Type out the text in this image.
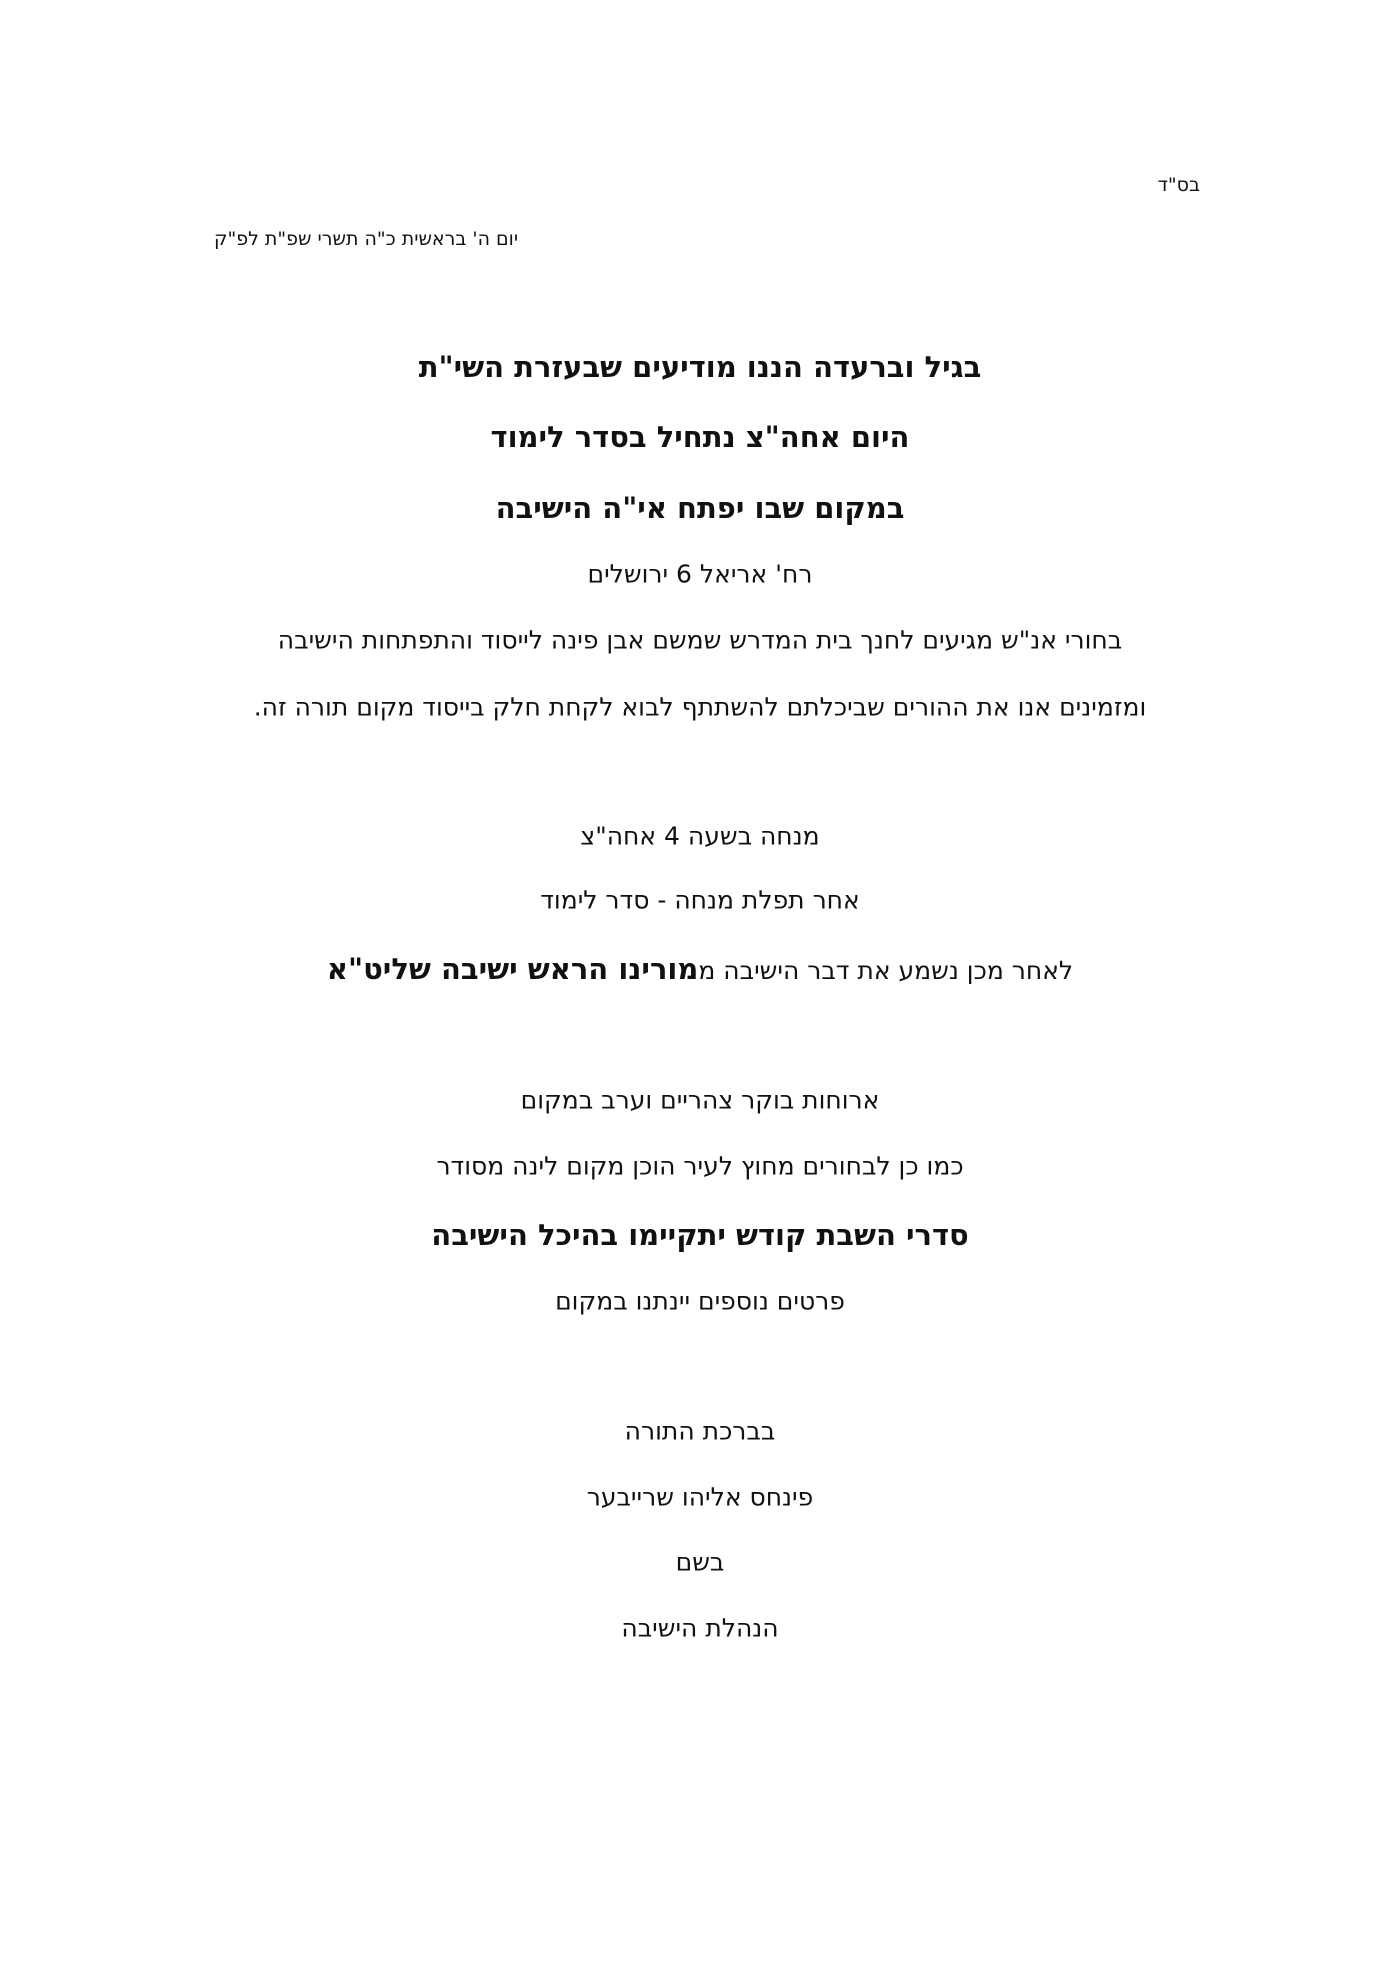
בס"ד
יום ה' בראשית כ"ה תשרי שפ"ת לפ"ק
בגיל וברעדה הננו מודיעים שבעזרת השי"ת
היום אחה"צ נתחיל בסדר לימוד
במקום שבו יפתח אי"ה הישיבה
רח' אריאל 6 ירושלים
בחורי אנ"ש מגיעים לחנך בית המדרש שמשם אבן פינה לייסוד והתפתחות הישיבה
ומזמינים אנו את ההורים שביכלתם להשתתף לבוא לקחת חלק בייסוד מקום תורה זה.
מנחה בשעה 4 אחה"צ
אחר תפלת מנחה - סדר לימוד
לאחר מכן נשמע את דבר הישיבה ממורינו הראש ישיבה שליט"א
ארוחות בוקר צהריים וערב במקום
כמו כן לבחורים מחוץ לעיר הוכן מקום לינה מסודר
סדרי השבת קודש יתקיימו בהיכל הישיבה
פרטים נוספים יינתנו במקום
בברכת התורה
פינחס אליהו שרייבער
בשם
הנהלת הישיבה
